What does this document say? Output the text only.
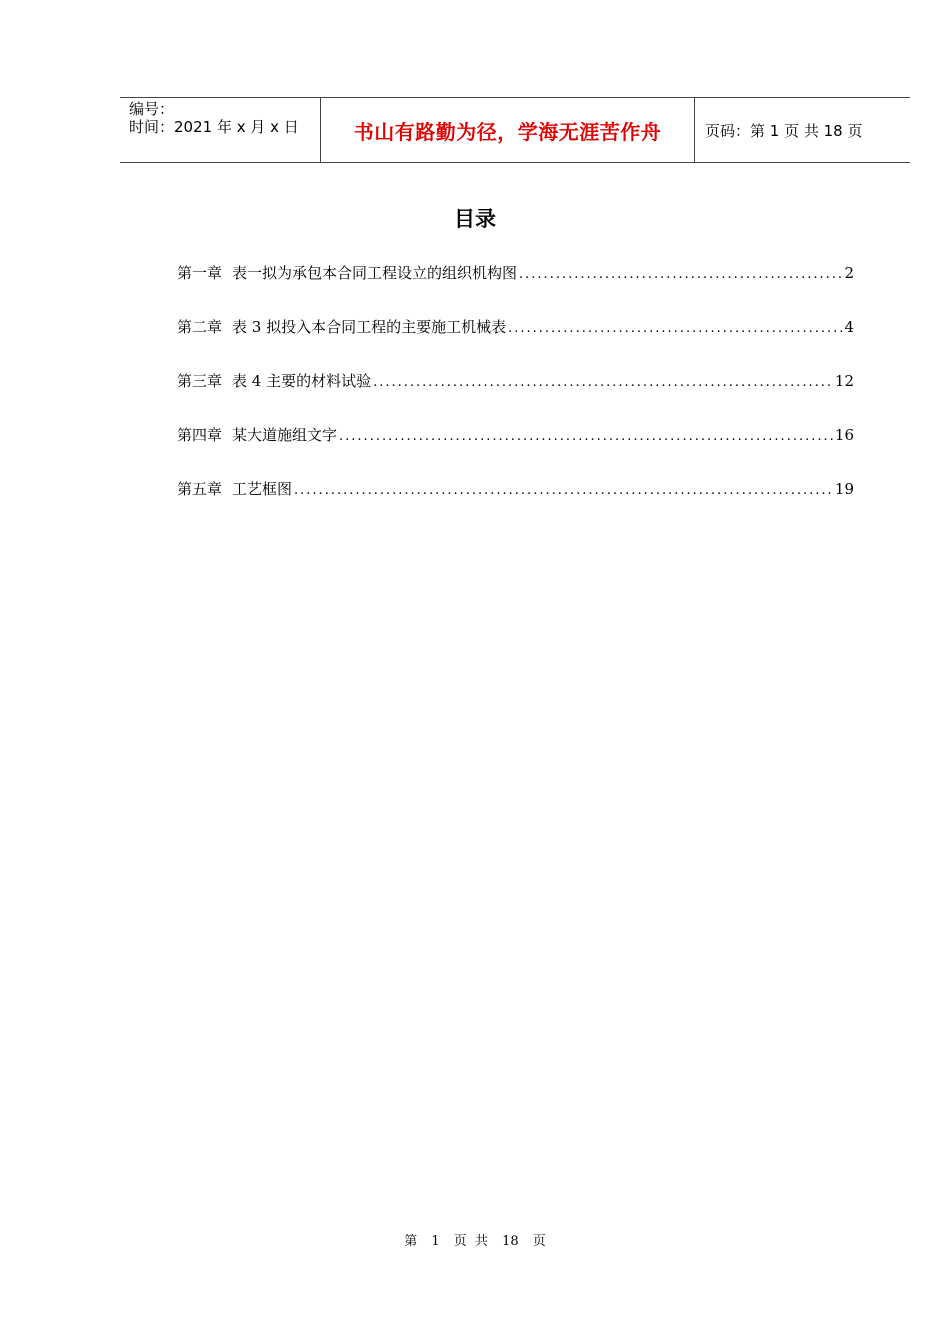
编号：
时间：2021 年 x 月 x 日	书山有路勤为径，学海无涯苦作舟	页码：第 1 页 共 18 页
目录
第一章 表一拟为承包本合同工程设立的组织机构图 .....	2
第二章 表 3 拟投入本合同工程的主要施工机械表 .....	4
第三章 表 4 主要的材料试验 .....	12
第四章 某大道施组文字 .....	16
第五章 工艺框图 .....	19
第 1 页 共 18 页
